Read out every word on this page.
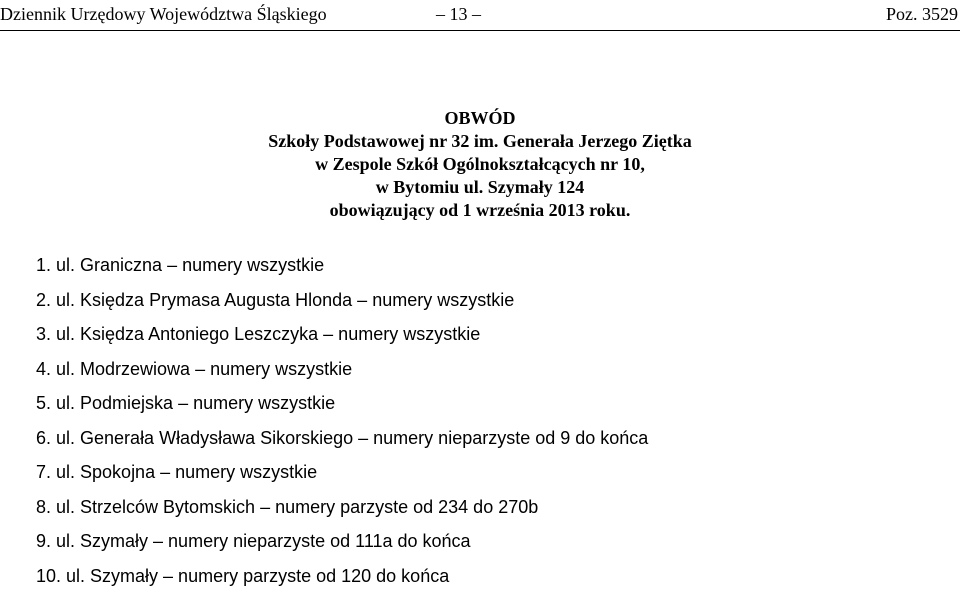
Dziennik Urzędowy Województwa Śląskiego	– 13 –	Poz. 3529
OBWÓD
Szkoły Podstawowej nr 32 im. Generała Jerzego Ziętka
w Zespole Szkół Ogólnokształcących nr 10,
w Bytomiu ul. Szymały 124
obowiązujący od 1 września 2013 roku.
1. ul. Graniczna – numery wszystkie
2. ul. Księdza Prymasa Augusta Hlonda – numery wszystkie
3. ul. Księdza Antoniego Leszczyka – numery wszystkie
4. ul. Modrzewiowa – numery wszystkie
5. ul. Podmiejska – numery wszystkie
6. ul. Generała Władysława Sikorskiego – numery nieparzyste od 9 do końca
7. ul. Spokojna – numery wszystkie
8. ul. Strzelców Bytomskich – numery parzyste od 234 do 270b
9. ul. Szymały – numery nieparzyste od 111a do końca
10. ul. Szymały – numery parzyste od 120 do końca
